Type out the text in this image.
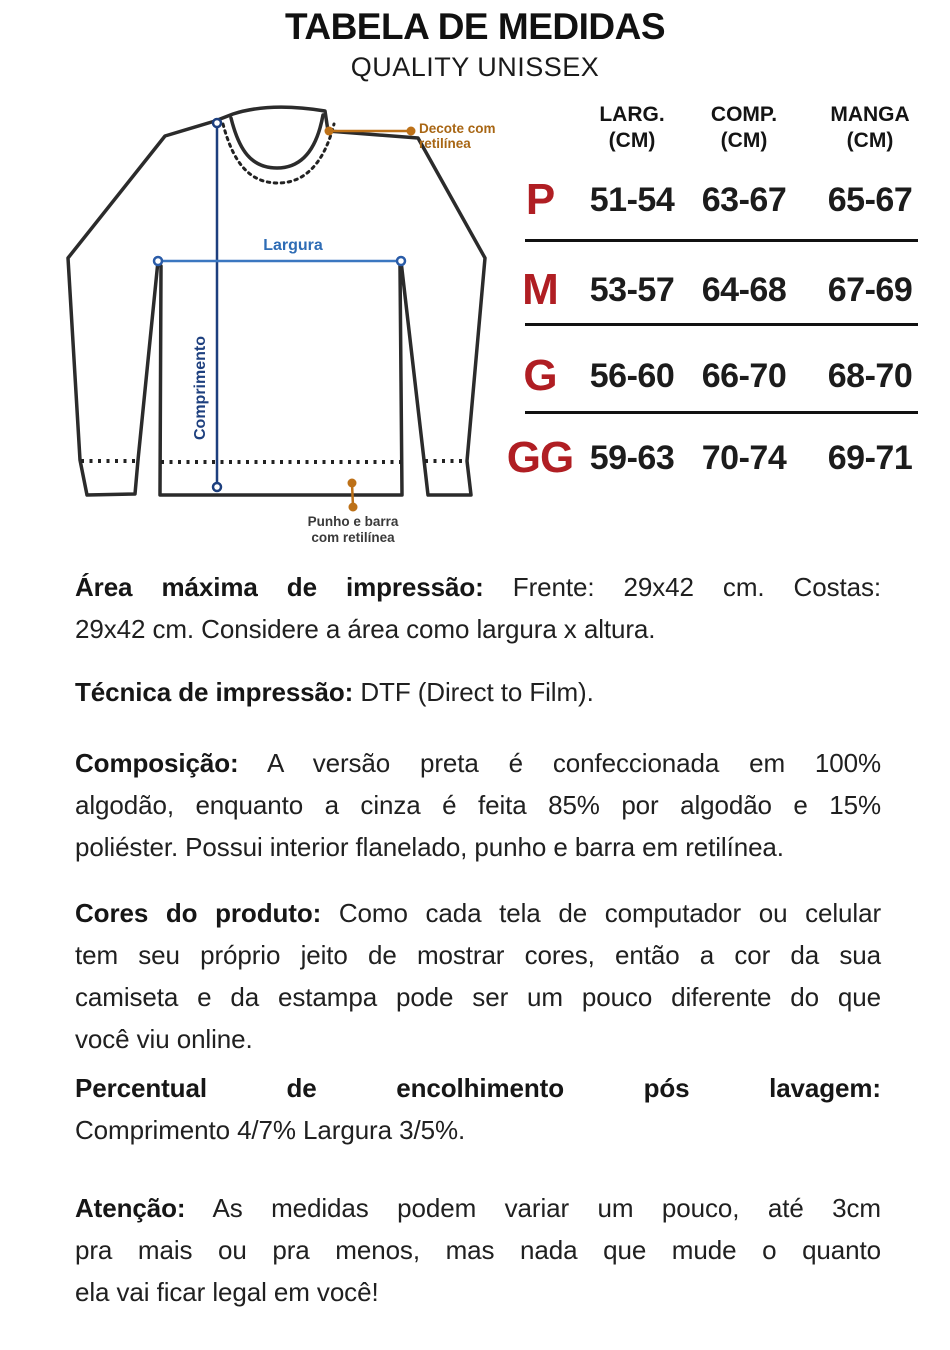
TABELA DE MEDIDAS
QUALITY UNISSEX
Comprimento
Largura
Decote com
retilínea
Punho e barra
com retilínea
LARG.
(CM)
COMP.
(CM)
MANGA
(CM)
P	51-54 63-67	65-67
M 53-57 64-68	67-69
G 56-60 66-70	68-70
GG 59-63 70-74	69-71
Área máxima de impressão: Frente: 29x42 cm. Costas:
29x42 cm. Considere a área como largura x altura.
Técnica de impressão: DTF (Direct to Film).
Composição: A versão preta é confeccionada em 100%
algodão, enquanto a cinza é feita 85% por algodão e 15%
poliéster. Possui interior flanelado, punho e barra em retilínea.
Cores do produto: Como cada tela de computador ou celular
tem seu próprio jeito de mostrar cores, então a cor da sua
camiseta e da estampa pode ser um pouco diferente do que
você viu online.
Percentual de encolhimento pós lavagem:
Comprimento 4/7% Largura 3/5%.
Atenção: As medidas podem variar um pouco, até 3cm
pra mais ou pra menos, mas nada que mude o quanto
ela vai ficar legal em você!
